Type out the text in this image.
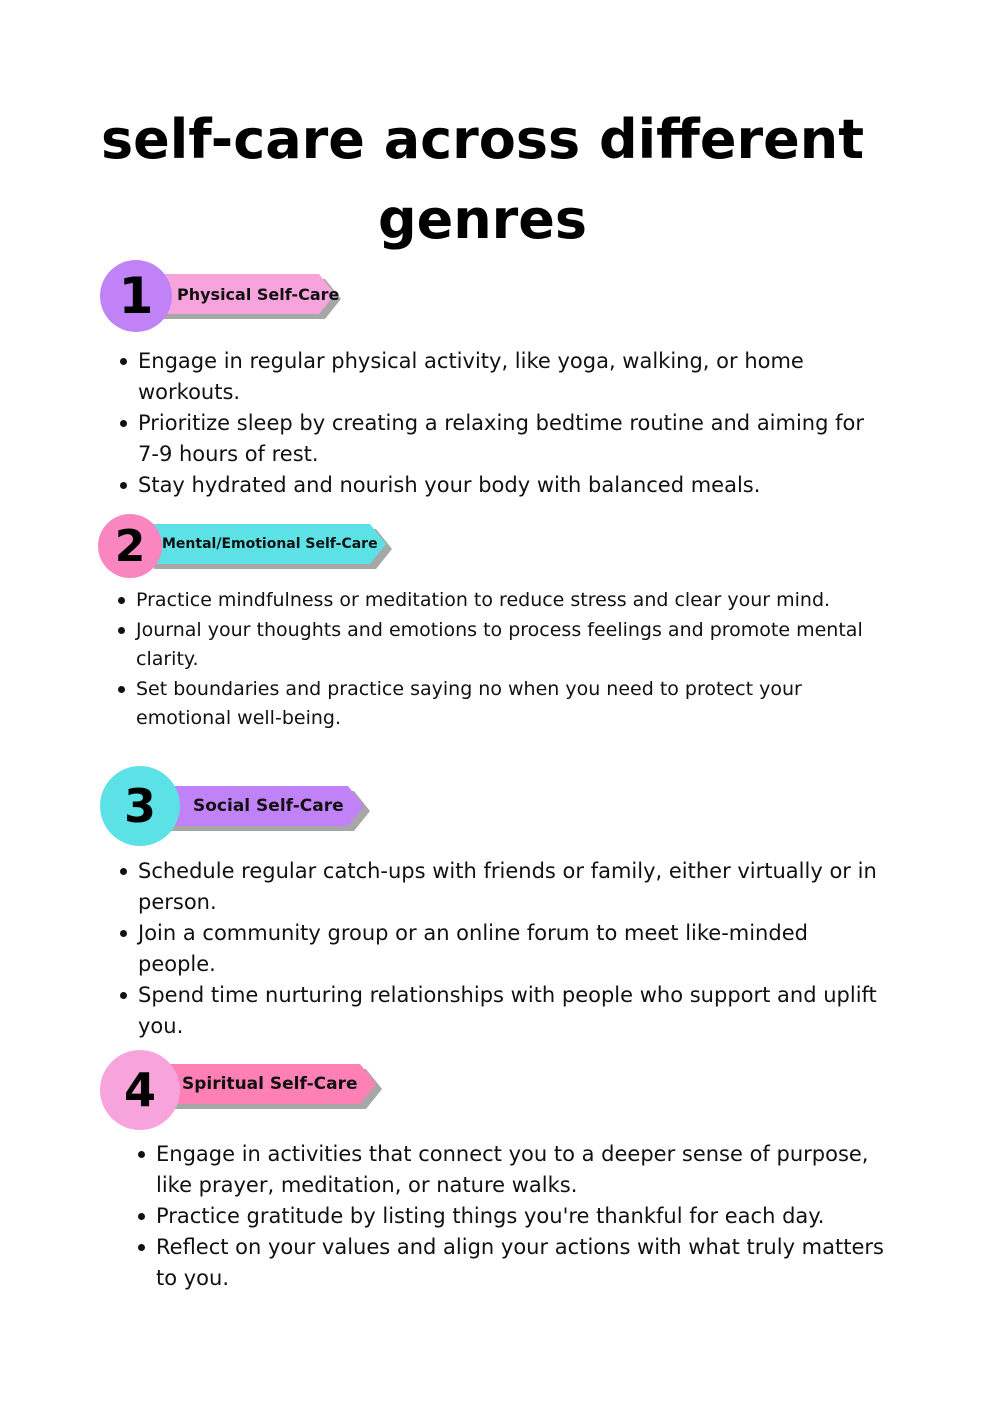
self-care across different genres
Physical Self-Care
1
Engage in regular physical activity, like yoga, walking, or home workouts.
Prioritize sleep by creating a relaxing bedtime routine and aiming for 7-9 hours of rest.
Stay hydrated and nourish your body with balanced meals.
Mental/Emotional Self-Care
2
Practice mindfulness or meditation to reduce stress and clear your mind.
Journal your thoughts and emotions to process feelings and promote mental clarity.
Set boundaries and practice saying no when you need to protect your emotional well-being.
Social Self-Care
3
Schedule regular catch-ups with friends or family, either virtually or in person.
Join a community group or an online forum to meet like-minded people.
Spend time nurturing relationships with people who support and uplift you.
Spiritual Self-Care
4
Engage in activities that connect you to a deeper sense of purpose, like prayer, meditation, or nature walks.
Practice gratitude by listing things you're thankful for each day.
Reflect on your values and align your actions with what truly matters to you.
